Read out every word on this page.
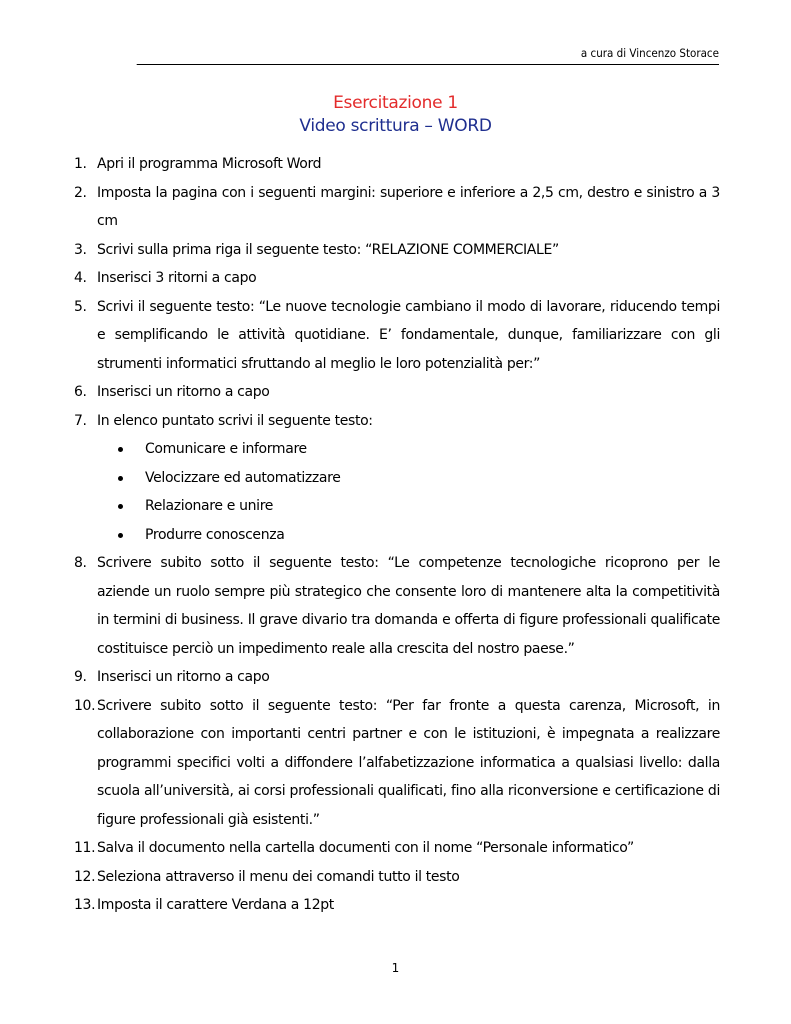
a cura di Vincenzo Storace
Esercitazione 1
Video scrittura – WORD
1. Apri il programma Microsoft Word
2. Imposta la pagina con i seguenti margini: superiore e inferiore a 2,5 cm, destro e sinistro a 3 cm
3. Scrivi sulla prima riga il seguente testo: “RELAZIONE COMMERCIALE”
4. Inserisci 3 ritorni a capo
5. Scrivi il seguente testo: “Le nuove tecnologie cambiano il modo di lavorare, riducendo tempi e semplificando le attività quotidiane. E’ fondamentale, dunque, familiarizzare con gli strumenti informatici sfruttando al meglio le loro potenzialità per:”
6. Inserisci un ritorno a capo
7. In elenco puntato scrivi il seguente testo:
Comunicare e informare
Velocizzare ed automatizzare
Relazionare e unire
Produrre conoscenza
8. Scrivere subito sotto il seguente testo: “Le competenze tecnologiche ricoprono per le aziende un ruolo sempre più strategico che consente loro di mantenere alta la competitività in termini di business. Il grave divario tra domanda e offerta di figure professionali qualificate costituisce perciò un impedimento reale alla crescita del nostro paese.”
9. Inserisci un ritorno a capo
10. Scrivere subito sotto il seguente testo: “Per far fronte a questa carenza, Microsoft, in collaborazione con importanti centri partner e con le istituzioni, è impegnata a realizzare programmi specifici volti a diffondere l’alfabetizzazione informatica a qualsiasi livello: dalla scuola all’università, ai corsi professionali qualificati, fino alla riconversione e certificazione di figure professionali già esistenti.”
11. Salva il documento nella cartella documenti con il nome “Personale informatico”
12. Seleziona attraverso il menu dei comandi tutto il testo
13. Imposta il carattere Verdana a 12pt
1
